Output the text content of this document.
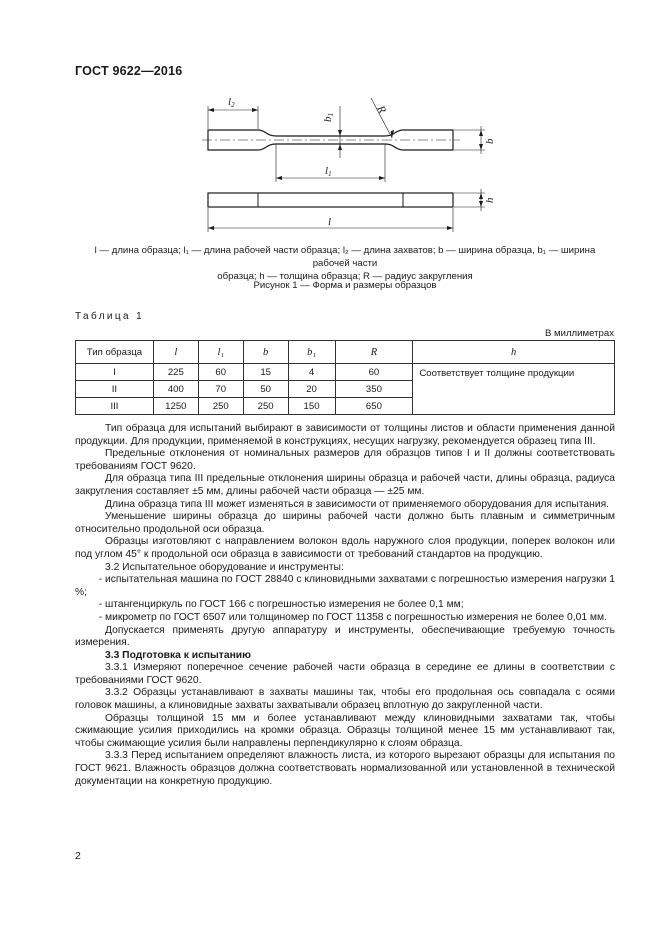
ГОСТ 9622—2016
l2
b1	R
b
l1
h
l
l — длина образца; l₁ — длина рабочей части образца; l₂ — длина захватов; b — ширина образца, b₁ — ширина рабочей части
образца; h — толщина образца; R — радиус закругления
Рисунок 1 — Форма и размеры образцов
Таблица 1
В миллиметрах
Тип образца	l	l₁	b	b₁	R	h
I	225	60	15	4	60	Соответствует толщине продукции
II	400	70	50	20	350	
III	1250	250	250	150	650	

Тип образца для испытаний выбирают в зависимости от толщины листов и области применения данной продукции. Для продукции, применяемой в конструкциях, несущих нагрузку, рекомендуется образец типа III.

Предельные отклонения от номинальных размеров для образцов типов I и II должны соответствовать требованиям ГОСТ 9620.

Для образца типа III предельные отклонения ширины образца и рабочей части, длины образца, радиуса закругления составляет ±5 мм, длины рабочей части образца — ±25 мм.

Длина образца типа III может изменяться в зависимости от применяемого оборудования для испытания.

Уменьшение ширины образца до ширины рабочей части должно быть плавным и симметричным относительно продольной оси образца.

Образцы изготовляют с направлением волокон вдоль наружного слоя продукции, поперек волокон или под углом 45° к продольной оси образца в зависимости от требований стандартов на продукцию.

3.2 Испытательное оборудование и инструменты:

- испытательная машина по ГОСТ 28840 с клиновидными захватами с погрешностью измерения нагрузки 1 %;

- штангенциркуль по ГОСТ 166 с погрешностью измерения не более 0,1 мм;

- микрометр по ГОСТ 6507 или толщиномер по ГОСТ 11358 с погрешностью измерения не более 0,01 мм.

Допускается применять другую аппаратуру и инструменты, обеспечивающие требуемую точность измерения.

3.3 Подготовка к испытанию

3.3.1 Измеряют поперечное сечение рабочей части образца в середине ее длины в соответствии с требованиями ГОСТ 9620.

3.3.2 Образцы устанавливают в захваты машины так, чтобы его продольная ось совпадала с осями головок машины, а клиновидные захваты захватывали образец вплотную до закругленной части.

Образцы толщиной 15 мм и более устанавливают между клиновидными захватами так, чтобы сжимающие усилия приходились на кромки образца. Образцы толщиной менее 15 мм устанавливают так, чтобы сжимающие усилия были направлены перпендикулярно к слоям образца.

3.3.3 Перед испытанием определяют влажность листа, из которого вырезают образцы для испытания по ГОСТ 9621. Влажность образцов должна соответствовать нормализованной или установленной в технической документации на конкретную продукцию.

2
